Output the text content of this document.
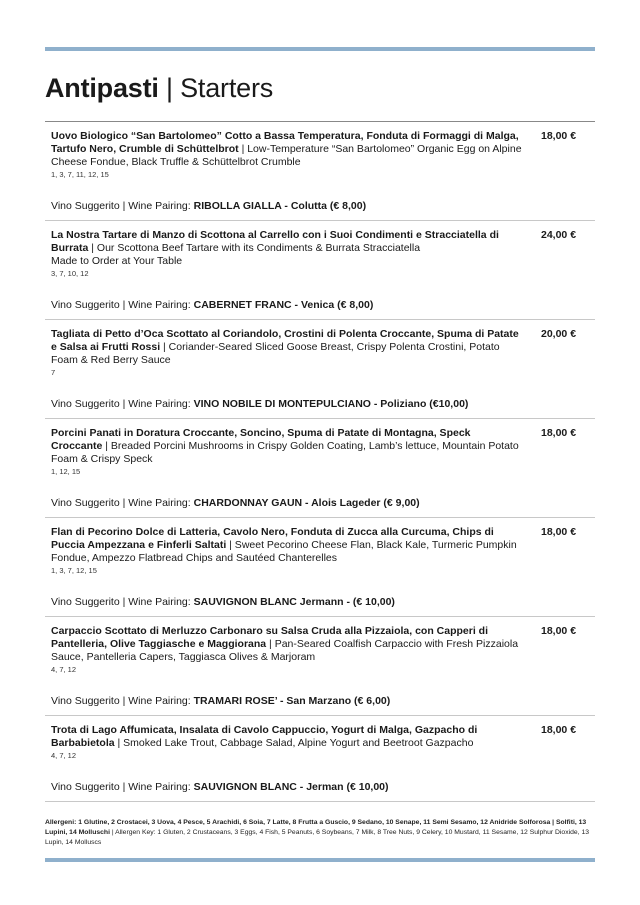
Antipasti | Starters
Uovo Biologico “San Bartolomeo” Cotto a Bassa Temperatura, Fonduta di Formaggi di Malga, Tartufo Nero, Crumble di Schüttelbrot | Low-Temperature “San Bartolomeo” Organic Egg on Alpine Cheese Fondue, Black Truffle & Schüttelbrot Crumble
18,00 €
1, 3, 7, 11, 12, 15
Vino Suggerito | Wine Pairing: RIBOLLA GIALLA - Colutta (€ 8,00)
La Nostra Tartare di Manzo di Scottona al Carrello con i Suoi Condimenti e Stracciatella di Burrata | Our Scottona Beef Tartare with its Condiments & Burrata Stracciatella
Made to Order at Your Table
24,00 €
3, 7, 10, 12
Vino Suggerito | Wine Pairing: CABERNET FRANC - Venica (€ 8,00)
Tagliata di Petto d’Oca Scottato al Coriandolo, Crostini di Polenta Croccante, Spuma di Patate e Salsa ai Frutti Rossi | Coriander-Seared Sliced Goose Breast, Crispy Polenta Crostini, Potato Foam & Red Berry Sauce
20,00 €
7
Vino Suggerito | Wine Pairing: VINO NOBILE DI MONTEPULCIANO - Poliziano (€10,00)
Porcini Panati in Doratura Croccante, Soncino, Spuma di Patate di Montagna, Speck Croccante | Breaded Porcini Mushrooms in Crispy Golden Coating, Lamb’s lettuce, Mountain Potato Foam & Crispy Speck
18,00 €
1, 12, 15
Vino Suggerito | Wine Pairing: CHARDONNAY GAUN - Alois Lageder (€ 9,00)
Flan di Pecorino Dolce di Latteria, Cavolo Nero, Fonduta di Zucca alla Curcuma, Chips di Puccia Ampezzana e Finferli Saltati | Sweet Pecorino Cheese Flan, Black Kale, Turmeric Pumpkin Fondue, Ampezzo Flatbread Chips and Sautéed Chanterelles
18,00 €
1, 3, 7, 12, 15
Vino Suggerito | Wine Pairing: SAUVIGNON BLANC Jermann - (€ 10,00)
Carpaccio Scottato di Merluzzo Carbonaro su Salsa Cruda alla Pizzaiola, con Capperi di Pantelleria, Olive Taggiasche e Maggiorana | Pan-Seared Coalfish Carpaccio with Fresh Pizzaiola Sauce, Pantelleria Capers, Taggiasca Olives & Marjoram
18,00 €
4, 7, 12
Vino Suggerito | Wine Pairing: TRAMARI ROSE’ - San Marzano (€ 6,00)
Trota di Lago Affumicata, Insalata di Cavolo Cappuccio, Yogurt di Malga, Gazpacho di Barbabietola | Smoked Lake Trout, Cabbage Salad, Alpine Yogurt and Beetroot Gazpacho
18,00 €
4, 7, 12
Vino Suggerito | Wine Pairing: SAUVIGNON BLANC - Jerman (€ 10,00)
Allergeni: 1 Glutine, 2 Crostacei, 3 Uova, 4 Pesce, 5 Arachidi, 6 Soia, 7 Latte, 8 Frutta a Guscio, 9 Sedano, 10 Senape, 11 Semi Sesamo, 12 Anidride Solforosa | Solfiti, 13 Lupini, 14 Molluschi | Allergen Key: 1 Gluten, 2 Crustaceans, 3 Eggs, 4 Fish, 5 Peanuts, 6 Soybeans, 7 Milk, 8 Tree Nuts, 9 Celery, 10 Mustard, 11 Sesame, 12 Sulphur Dioxide, 13 Lupin, 14 Molluscs
